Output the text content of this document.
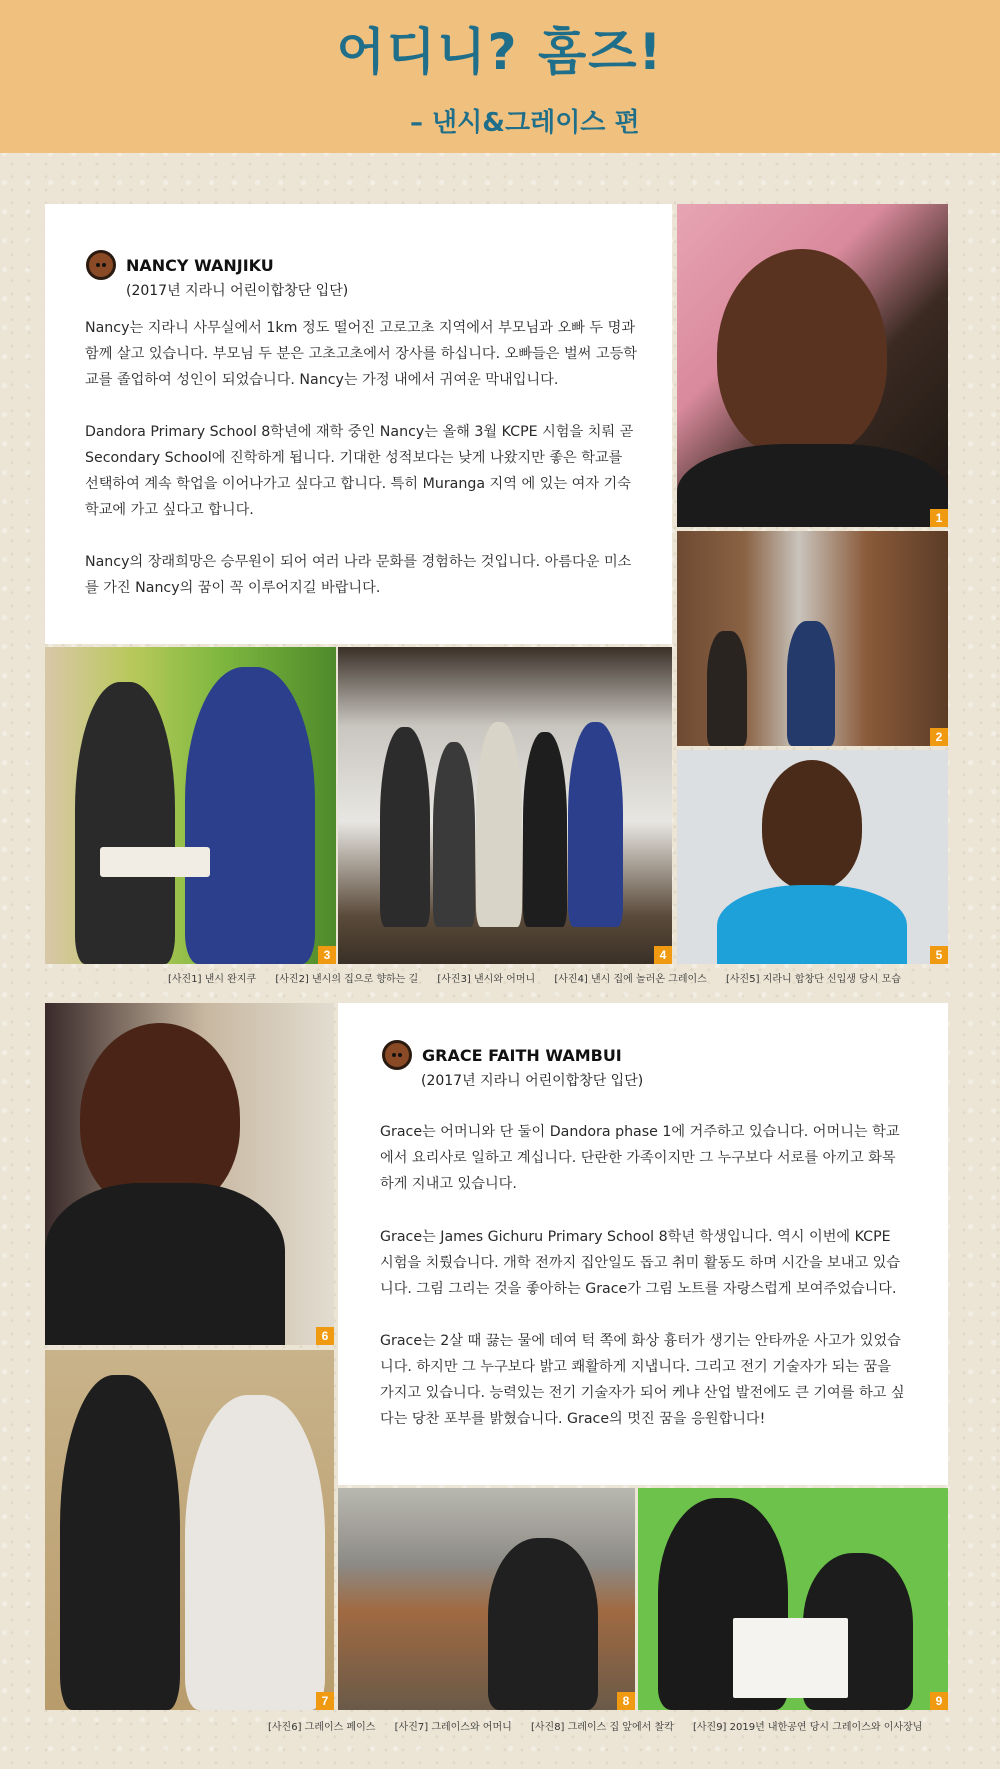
어디니? 홈즈!
– 낸시&그레이스 편
NANCY WANJIKU
(2017년 지라니 어린이합창단 입단)
Nancy는 지라니 사무실에서 1km 정도 떨어진 고로고초 지역에서 부모님과 오빠 두 명과 함께 살고 있습니다. 부모님 두 분은 고초고초에서 장사를 하십니다. 오빠들은 벌써 고등학교를 졸업하여 성인이 되었습니다. Nancy는 가정 내에서 귀여운 막내입니다.
Dandora Primary School 8학년에 재학 중인 Nancy는 올해 3월 KCPE 시험을 치뤄 곧 Secondary School에 진학하게 됩니다. 기대한 성적보다는 낮게 나왔지만 좋은 학교를 선택하여 계속 학업을 이어나가고 싶다고 합니다. 특히 Muranga 지역 에 있는 여자 기숙 학교에 가고 싶다고 합니다.
Nancy의 장래희망은 승무원이 되어 여러 나라 문화를 경험하는 것입니다. 아름다운 미소를 가진 Nancy의 꿈이 꼭 이루어지길 바랍니다.
1
2
3	4	5
[사진1] 낸시 완지쿠 [사진2] 낸시의 집으로 향하는 길 [사진3] 낸시와 어머니 [사진4] 낸시 집에 놀러온 그레이스 [사진5] 지라니 합창단 신입생 당시 모습
6
GRACE FAITH WAMBUI
(2017년 지라니 어린이합창단 입단)
Grace는 어머니와 단 둘이 Dandora phase 1에 거주하고 있습니다. 어머니는 학교에서 요리사로 일하고 계십니다. 단란한 가족이지만 그 누구보다 서로를 아끼고 화목하게 지내고 있습니다.
Grace는 James Gichuru Primary School 8학년 학생입니다. 역시 이번에 KCPE 시험을 치뤘습니다. 개학 전까지 집안일도 돕고 취미 활동도 하며 시간을 보내고 있습니다. 그림 그리는 것을 좋아하는 Grace가 그림 노트를 자랑스럽게 보여주었습니다.
Grace는 2살 때 끓는 물에 데여 턱 쪽에 화상 흉터가 생기는 안타까운 사고가 있었습니다. 하지만 그 누구보다 밝고 쾌활하게 지냅니다. 그리고 전기 기술자가 되는 꿈을 가지고 있습니다. 능력있는 전기 기술자가 되어 케냐 산업 발전에도 큰 기여를 하고 싶다는 당찬 포부를 밝혔습니다. Grace의 멋진 꿈을 응원합니다!
7	8	9
[사진6] 그레이스 페이스 [사진7] 그레이스와 어머니 [사진8] 그레이스 집 앞에서 찰칵 [사진9] 2019년 내한공연 당시 그레이스와 이사장님
